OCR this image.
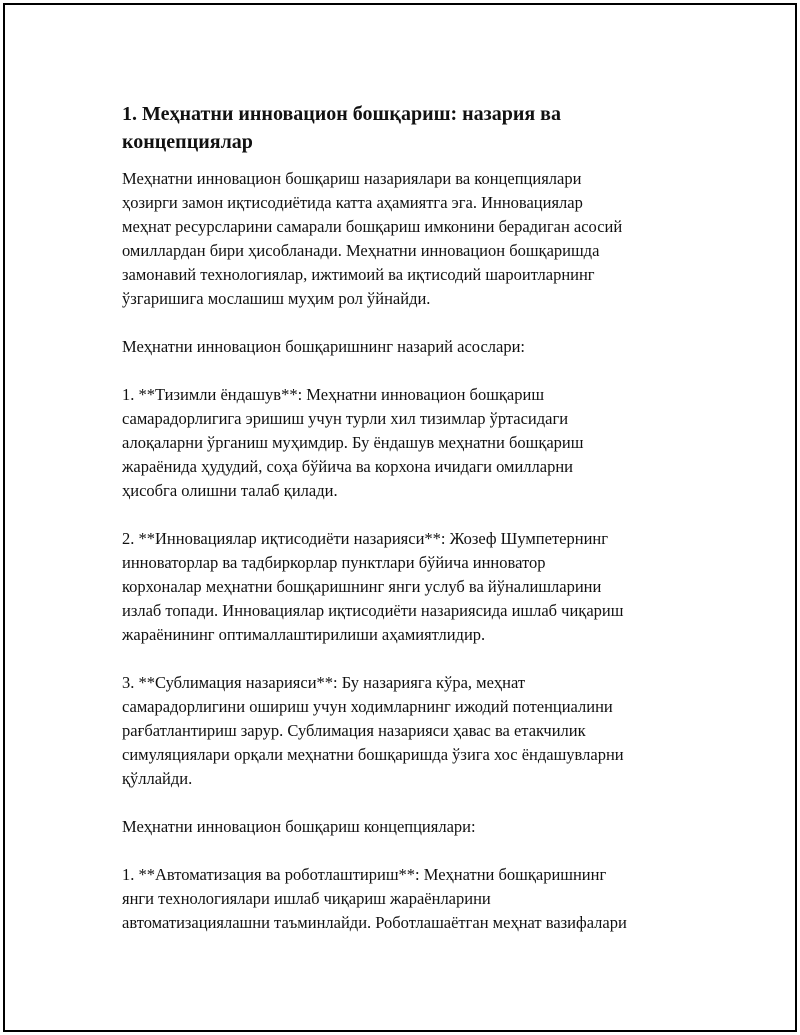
1. Меҳнатни инновацион бошқариш: назария ва
концепциялар

Меҳнатни инновацион бошқариш назариялари ва концепциялари
ҳозирги замон иқтисодиётида катта аҳамиятга эга. Инновациялар
меҳнат ресурсларини самарали бошқариш имконини берадиган асосий
омиллардан бири ҳисобланади. Меҳнатни инновацион бошқаришда
замонавий технологиялар, ижтимоий ва иқтисодий шароитларнинг
ўзгаришига мослашиш муҳим рол ўйнайди.

Меҳнатни инновацион бошқаришнинг назарий асослари:

1. **Тизимли ёндашув**: Меҳнатни инновацион бошқариш
самарадорлигига эришиш учун турли хил тизимлар ўртасидаги
алоқаларни ўрганиш муҳимдир. Бу ёндашув меҳнатни бошқариш
жараёнида ҳудудий, соҳа бўйича ва корхона ичидаги омилларни
ҳисобга олишни талаб қилади.

2. **Инновациялар иқтисодиёти назарияси**: Жозеф Шумпетернинг
инноваторлар ва тадбиркорлар пунктлари бўйича инноватор
корхоналар меҳнатни бошқаришнинг янги услуб ва йўналишларини
излаб топади. Инновациялар иқтисодиёти назариясида ишлаб чиқариш
жараёнининг оптималлаштирилиши аҳамиятлидир.

3. **Сублимация назарияси**: Бу назарияга кўра, меҳнат
самарадорлигини ошириш учун ходимларнинг ижодий потенциалини
рағбатлантириш зарур. Сублимация назарияси ҳавас ва етакчилик
симуляциялари орқали меҳнатни бошқаришда ўзига хос ёндашувларни
қўллайди.

Меҳнатни инновацион бошқариш концепциялари:

1. **Автоматизация ва роботлаштириш**: Меҳнатни бошқаришнинг
янги технологиялари ишлаб чиқариш жараёнларини
автоматизациялашни таъминлайди. Роботлашаётган меҳнат вазифалари
